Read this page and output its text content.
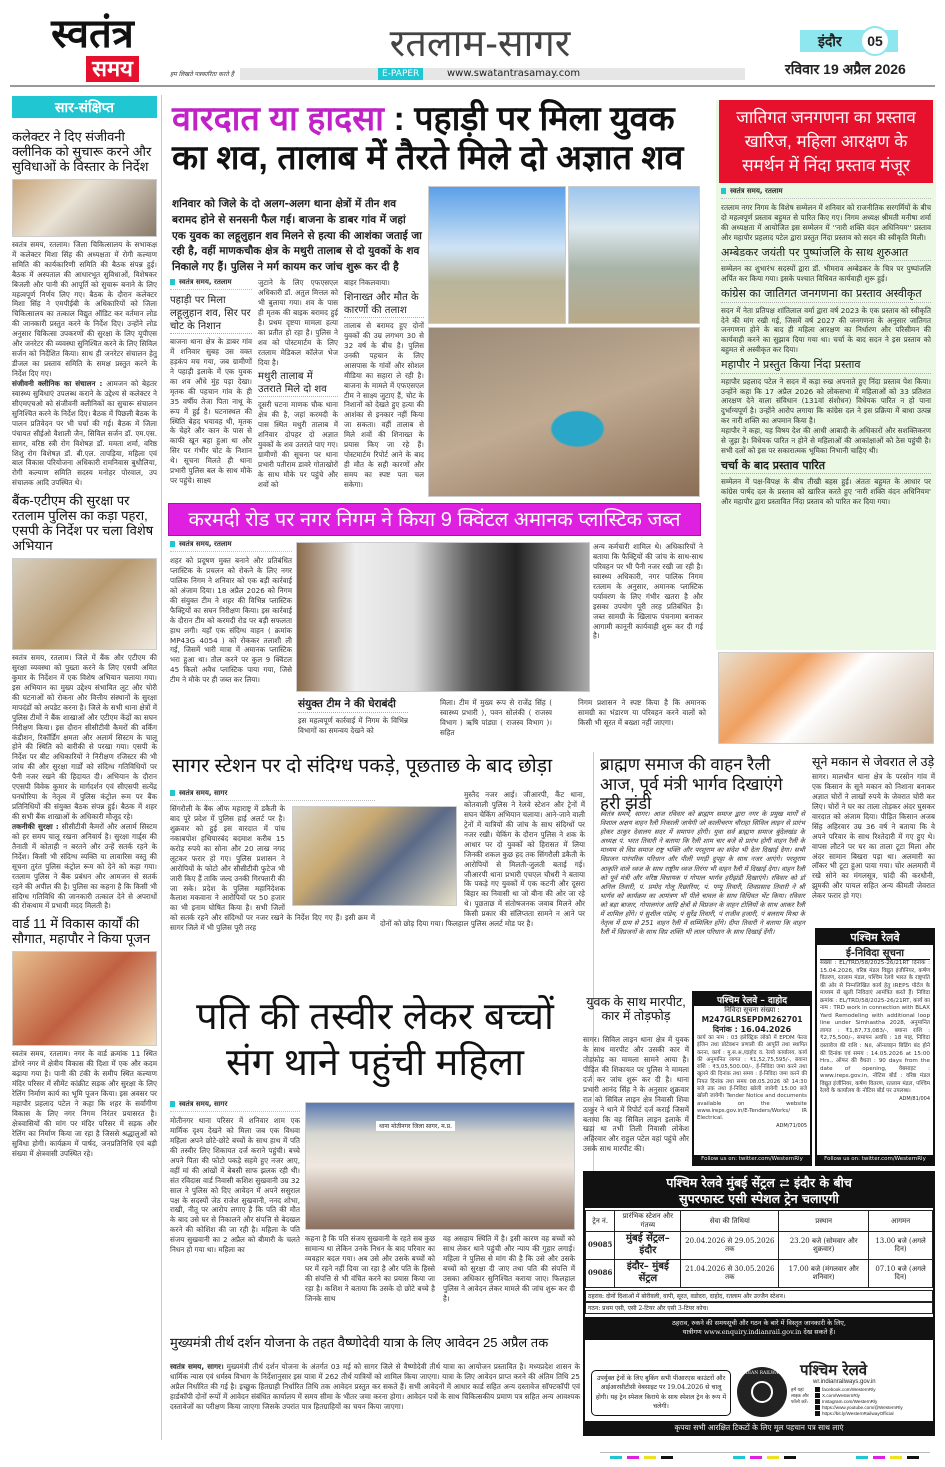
स्वतंत्र
समय	हम लिखते पत्रकारिता करते हैं
रतलाम-सागर
E-PAPER	www.swatantrasamay.com
इंदौर	05
रविवार 19 अप्रैल 2026
सार-संक्षिप्त
कलेक्टर ने दिए संजीवनी क्लीनिक को सुचारू करने और सुविधाओं के विस्तार के निर्देश
स्वतंत्र समय, रतलाम। जिला चिकित्सालय के सभाकक्ष में कलेक्टर मिशा सिंह की अध्यक्षता में रोगी कल्याण समिति की कार्यकारिणी समिति की बैठक संपन्न हुई। बैठक में अस्पताल की आधारभूत सुविधाओं, विशेषकर बिजली और पानी की आपूर्ति को सुचारू बनाने के लिए महत्वपूर्ण निर्णय लिए गए। बैठक के दौरान कलेक्टर मिशा सिंह ने एमपीईबी के अधिकारियों को जिला चिकित्सालय का तत्काल विद्युत ऑडिट कर वर्तमान लोड की जानकारी प्रस्तुत करने के निर्देश दिए। उन्होंने लोड अनुसार चिकित्सा उपकरणों की सुरक्षा के लिए यूपीएस और जनरेटर की व्यवस्था सुनिश्चित करने के लिए सिविल सर्जन को निर्देशित किया। साथ ही जनरेटर संचालन हेतु डीजल का प्रस्ताव समिति के समक्ष प्रस्तुत करने के निर्देश दिए गए।
संजीवनी क्लीनिक का संचालन : आमजन को बेहतर स्वास्थ्य सुविधाएं उपलब्ध कराने के उद्देश्य से कलेक्टर ने सीएमएचओ को संजीवनी क्लीनिकों का सुचारू संचालन सुनिश्चित करने के निर्देश दिए। बैठक में पिछली बैठक के पालन प्रतिवेदन पर भी चर्चा की गई। बैठक में जिला पंचायत सीईओ वैशाली जैन, सिविल सर्जन डॉ. एम.एस. सागर, वरिष्ठ स्त्री रोग विशेषज्ञ डॉ. ममता शर्मा, वरिष्ठ शिशु रोग विशेषज्ञ डॉ. बी.एल. तापड़िया, महिला एवं बाल विकास परियोजना अधिकारी रामनिवास बुधौलिया, रोगी कल्याण समिति सदस्य मनोहर पोरवाल, उप संचालक आदि उपस्थित थे।
बैंक-एटीएम की सुरक्षा पर रतलाम पुलिस का कड़ा पहरा, एसपी के निर्देश पर चला विशेष अभियान
स्वतंत्र समय, रतलाम। जिले में बैंक और एटीएम की सुरक्षा व्यवस्था को पुख्ता करने के लिए एसपी अमित कुमार के निर्देशन में एक विशेष अभियान चलाया गया। इस अभियान का मुख्य उद्देश्य संभावित लूट और चोरी की घटनाओं को रोकना और वित्तीय संस्थानों के सुरक्षा मापदंडों को अपडेट करना है। जिले के सभी थाना क्षेत्रों में पुलिस टीमों ने बैंक शाखाओं और एटीएम केंद्रों का सघन निरीक्षण किया। इस दौरान सीसीटीवी कैमरों की वर्किंग कंडीशन, रिकॉर्डिंग क्षमता और अलार्म सिस्टम के चालू होने की स्थिति को बारीकी से परखा गया। एसपी के निर्देश पर बीट अधिकारियों ने निरीक्षण रजिस्टर की भी जांच की और सुरक्षा गार्डों को संदिग्ध गतिविधियों पर पैनी नजर रखने की हिदायत दी। अभियान के दौरान एएसपी विवेक कुमार के मार्गदर्शन एवं सीएसपी सत्येंद्र घनघोरिया के नेतृत्व में पुलिस कंट्रोल रूम पर बैंक प्रतिनिधियों की संयुक्त बैठक संपन्न हुई। बैठक में शहर की सभी बैंक शाखाओं के अधिकारी मौजूद रहे।
तकनीकी सुरक्षा : सीसीटीवी कैमरों और अलार्म सिस्टम को हर समय चालू रखना अनिवार्य है। सुरक्षा गार्ड्स की तैनाती में कोताही न बरतने और उन्हें सतर्क रहने के निर्देश। किसी भी संदिग्ध व्यक्ति या लावारिस वस्तु की सूचना तुरंत पुलिस कंट्रोल रूम को देने को कहा गया। रतलाम पुलिस ने बैंक प्रबंधन और आमजन से सतर्क रहने की अपील की है। पुलिस का कहना है कि किसी भी संदिग्ध गतिविधि की जानकारी तत्काल देने से अपराधों की रोकथाम में प्रभावी मदद मिलती है।
वार्ड 11 में विकास कार्यों की सौगात, महापौर ने किया पूजन
स्वतंत्र समय, रतलाम। नगर के वार्ड क्रमांक 11 स्थित डोंगरे नगर में क्षेत्रीय विकास की दिशा में एक और कदम बढ़ाया गया है। पानी की टंकी के समीप स्थित कल्याण मंदिर परिसर में सीमेंट कांक्रीट सड़क और सुरक्षा के लिए रेलिंग निर्माण कार्य का भूमि पूजन किया। इस अवसर पर महापौर प्रहलाद पटेल ने कहा कि शहर के सर्वांगीण विकास के लिए नगर निगम निरंतर प्रयासरत है। क्षेत्रवासियों की मांग पर मंदिर परिसर में सड़क और रेलिंग का निर्माण किया जा रहा है जिससे श्रद्धालुओं को सुविधा होगी। कार्यक्रम में पार्षद, जनप्रतिनिधि एवं बड़ी संख्या में क्षेत्रवासी उपस्थित रहे।
वारदात या हादसा : पहाड़ी पर मिला युवक का शव, तालाब में तैरते मिले दो अज्ञात शव
शनिवार को जिले के दो अलग-अलग थाना क्षेत्रों में तीन शव बरामद होने से सनसनी फैल गई। बाजना के डाबर गांव में जहां एक युवक का लहूलुहान शव मिलने से हत्या की आशंका जताई जा रही है, वहीं माणकचौक क्षेत्र के मथुरी तालाब से दो युवकों के शव निकाले गए हैं। पुलिस ने मर्ग कायम कर जांच शुरू कर दी है
स्वतंत्र समय, रतलाम
पहाड़ी पर मिला लहूलुहान शव, सिर पर चोट के निशान
बाजना थाना क्षेत्र के डाबर गांव में शनिवार सुबह उस वक्त हड़कंप मच गया, जब ग्रामीणों ने पहाड़ी इलाके में एक युवक का शव औंधे मुंह पड़ा देखा। मृतक की पहचान गांव के ही 35 वर्षीय तेजा पिता नाथू के रूप में हुई है। घटनास्थल की स्थिति बेहद भयावह थी, मृतक के चेहरे और कान के पास से काफी खून बहा हुआ था और सिर पर गंभीर चोट के निशान थे। सूचना मिलते ही थाना प्रभारी पुलिस बल के साथ मौके पर पहुंचे। साक्ष्य
जुटाने के लिए एफएसएल अधिकारी डॉ. अतुल मित्तल को भी बुलाया गया। शव के पास ही मृतक की बाइक बरामद हुई है। प्रथम दृष्टया मामला हत्या का प्रतीत हो रहा है। पुलिस ने शव को पोस्टमार्टम के लिए रतलाम मेडिकल कॉलेज भेज दिया है।
मथुरी तालाब में उतराते मिले दो शव
दूसरी घटना माणक चौक थाना क्षेत्र की है, जहां करमदी के पास स्थित मथुरी तालाब में शनिवार दोपहर दो अज्ञात युवकों के शव उतराते पाए गए। ग्रामीणों की सूचना पर थाना प्रभारी पतीराम डावरे गोताखोरों के साथ मौके पर पहुंचे और शवों को
बाहर निकलवाया।
शिनाख्त और मौत के कारणों की तलाश
तालाब से बरामद हुए दोनों युवकों की उम्र लगभग 30 से 32 वर्ष के बीच है। पुलिस उनकी पहचान के लिए आसपास के गांवों और सोशल मीडिया का सहारा ले रही है। बाजना के मामले में एफएसएल टीम ने साक्ष्य जुटाए हैं, चोट के निशानों को देखते हुए हत्या की आशंका से इनकार नहीं किया जा सकता। वहीं तालाब से मिले शवों की शिनाख्त के प्रयास किए जा रहे हैं। पोस्टमार्टम रिपोर्ट आने के बाद ही मौत के सही कारणों और समय का स्पष्ट पता चल सकेगा।
जातिगत जनगणना का प्रस्ताव खारिज, महिला आरक्षण के समर्थन में निंदा प्रस्ताव मंजूर
स्वतंत्र समय, रतलाम
रतलाम नगर निगम के विशेष सम्मेलन में शनिवार को राजनीतिक सरगर्मियों के बीच दो महत्वपूर्ण प्रस्ताव बहुमत से पारित किए गए। निगम अध्यक्ष श्रीमती मनीषा शर्मा की अध्यक्षता में आयोजित इस सम्मेलन में ''नारी शक्ति वंदन अधिनियम'' प्रस्ताव और महापौर प्रहलाद पटेल द्वारा प्रस्तुत निंदा प्रस्ताव को सदन की स्वीकृति मिली।
अम्बेडकर जयंती पर पुष्पांजलि के साथ शुरुआत
सम्मेलन का शुभारंभ सदस्यों द्वारा डॉ. भीमराव अम्बेडकर के चित्र पर पुष्पांजलि अर्पित कर किया गया। इसके पश्चात विधिवत कार्यवाही शुरू हुई।
कांग्रेस का जातिगत जनगणना का प्रस्ताव अस्वीकृत
सदन में नेता प्रतिपक्ष शांतिलाल वर्मा द्वारा वर्ष 2023 के एक प्रस्ताव को स्वीकृति देने की मांग रखी गई, जिसमें वर्ष 2027 की जनगणना के अनुसार जातिगत जनगणना होने के बाद ही महिला आरक्षण का निर्धारण और परिसीमन की कार्यवाही करने का सुझाव दिया गया था। चर्चा के बाद सदन ने इस प्रस्ताव को बहुमत से अस्वीकृत कर दिया।
महापौर ने प्रस्तुत किया निंदा प्रस्ताव
महापौर प्रहलाद पटेल ने सदन में कड़ा रुख अपनाते हुए निंदा प्रस्ताव पेश किया। उन्होंने कहा कि 17 अप्रैल 2026 को लोकसभा में महिलाओं को 33 प्रतिशत आरक्षण देने वाला संविधान (131वां संशोधन) विधेयक पारित न हो पाना दुर्भाग्यपूर्ण है। उन्होंने आरोप लगाया कि कांग्रेस दल ने इस प्रक्रिया में बाधा उत्पन्न कर नारी शक्ति का अपमान किया है।
महापौर ने कहा, यह विषय देश की आधी आबादी के अधिकारों और सशक्तिकरण से जुड़ा है। विधेयक पारित न होने से महिलाओं की आकांक्षाओं को ठेस पहुंची है। सभी दलों को इस पर सकारात्मक भूमिका निभानी चाहिए थी।
चर्चा के बाद प्रस्ताव पारित
सम्मेलन में पक्ष-विपक्ष के बीच तीखी बहस हुई। अंततः बहुमत के आधार पर कांग्रेस पार्षद दल के प्रस्ताव को खारिज करते हुए 'नारी शक्ति वंदन अधिनियम' और महापौर द्वारा प्रस्तावित निंदा प्रस्ताव को पारित कर दिया गया।
करमदी रोड पर नगर निगम ने किया 9 क्विंटल अमानक प्लास्टिक जब्त
स्वतंत्र समय, रतलाम
शहर को प्रदूषण मुक्त बनाने और प्रतिबंधित प्लास्टिक के प्रचलन को रोकने के लिए नगर पालिक निगम ने शनिवार को एक बड़ी कार्रवाई को अंजाम दिया। 18 अप्रैल 2026 को निगम की संयुक्त टीम ने शहर की विभिन्न प्लास्टिक फैक्ट्रियों का सघन निरीक्षण किया। इस कार्रवाई के दौरान टीम को करमदी रोड पर बड़ी सफलता हाथ लगी। यहाँ एक संदिग्ध वाहन ( क्रमांक MP43G 4054 ) को रोककर तलाशी ली गई, जिसमें भारी मात्रा में अमानक प्लास्टिक भरा हुआ था। तौल करने पर कुल 9 क्विंटल 45 किलो अवैध प्लास्टिक पाया गया, जिसे टीम ने मौके पर ही जब्त कर लिया।
संयुक्त टीम ने की घेराबंदी
इस महत्वपूर्ण कार्रवाई में निगम के विभिन्न विभागों का समन्वय देखने को
मिला। टीम में मुख्य रूप से राजेंद्र सिंह ( स्वास्थ्य प्रभारी ), पवन सोलंकी ( राजस्व विभाग ) ऋषि पांड्या ( राजस्व विभाग )। सहित
अन्य कर्मचारी शामिल थे। अधिकारियों ने बताया कि फैक्ट्रियों की जांच के साथ-साथ परिवहन पर भी पैनी नजर रखी जा रही है। स्वास्थ्य अधिकारी, नगर पालिक निगम रतलाम के अनुसार, अमानक प्लास्टिक पर्यावरण के लिए गंभीर खतरा है और इसका उपयोग पूरी तरह प्रतिबंधित है। जब्त सामग्री के खिलाफ पंचनामा बनाकर आगामी कानूनी कार्यवाही शुरू कर दी गई है।
निगम प्रशासन ने स्पष्ट किया है कि अमानक सामग्री का भंडारण या परिवहन करने वालों को किसी भी सूरत में बख्शा नहीं जाएगा।
सागर स्टेशन पर दो संदिग्ध पकड़े, पूछताछ के बाद छोड़ा
स्वतंत्र समय, सागर
सिंगरौली के बैंक ऑफ महाराष्ट्र में डकैती के बाद पूरे प्रदेश में पुलिस हाई अलर्ट पर है। शुक्रवार को हुई इस वारदात में पांच नकाबपोश हथियारबंद बदमाश करीब 15 करोड़ रुपये का सोना और 20 लाख नगद लूटकर फरार हो गए। पुलिस प्रशासन ने आरोपियों के फोटो और सीसीटीवी फुटेज भी जारी किए हैं ताकि जल्द उनकी गिरफ्तारी की जा सके। प्रदेश के पुलिस महानिदेशक कैलाश मकवाना ने आरोपियों पर 50 हजार का भी इनाम घोषित किया है। सभी जिलों को सतर्क रहने और संदिग्धों पर नजर रखने के निर्देश दिए गए हैं। इसी क्रम में सागर जिले में भी पुलिस पूरी तरह
मुस्तैद नजर आई। जीआरपी, कैंट थाना, कोतवाली पुलिस ने रेलवे स्टेशन और ट्रेनों में सघन चेकिंग अभियान चलाया। आने-जाने वाली ट्रेनों में यात्रियों की जांच के साथ संदिग्धों पर नजर रखी। चेकिंग के दौरान पुलिस ने शक के आधार पर दो युवकों को हिरासत में लिया जिनकी शकल कुछ हद तक सिंगरौली डकैती के आरोपियों से मिलती-जुलती बताई गई। जीआरपी थाना प्रभारी एचएल चौधरी ने बताया कि पकड़े गए युवकों में एक कटनी और दूसरा बिहार का निवासी था जो बीना की ओर जा रहे थे। पूछताछ में संतोषजनक जवाब मिलने और किसी प्रकार की संलिप्तता सामने न आने पर दोनों को छोड़ दिया गया। फिलहाल पुलिस अलर्ट मोड पर है।
ब्राह्मण समाज की वाहन रैली आज, पूर्व मंत्री भार्गव दिखाएंगे हरी झंडी
स्वतंत्र समय, सागर। आज रविवार को ब्राह्मण समाज द्वारा नगर के प्रमुख मार्गों से विशाल अक्षय वाहन रैली निकाली जायेगी जो कालीचरण चौराहा सिविल लाइन से प्रारंभ होकर ठाकुर देवालय सदर में समापन होगी। युवा सर्व ब्राह्मण समाज बुंदेलखंड के अध्यक्ष पं. भरत तिवारी ने बताया कि रैली शाम चार बजे से प्रारंभ होगी वाहन रैली के माध्यम से विप्र समाज राष्ट्र भक्ति और परशुराम का संदेश भी देता दिखाई देगा। सभी विप्रजन पारंपरिक परिधान और पीली पगड़ी दुपट्टा के साथ नजर आएंगे। परशुराम आकृति वाले ध्वज के साथ राष्ट्रीय ध्वज तिरंगा भी वाहन रैली में दिखाई देगा। वाहन रैली को पूर्व मंत्री और वरिष्ठ विधायक पं गोपाल भार्गव हरीझंडी दिखाएंगे। रविवार को डॉ अनिल तिवारी, पं. प्रमोद गोलू रिछारिया, पं. पप्पू तिवारी, शिवप्रसाद तिवारी ने श्री भार्गव को कार्यक्रम का आमंत्रण भी पीले चावल के साथ विधिवत भेंट किया। रविवार को बड़ा बाजार, गोपालगंज आदि क्षेत्रों से विप्रजन के वाहन टोलियों के साथ आकर रैली में शामिल होंगे। पं सुशील पांडेय, पं सुरेंद्र तिवारी, पं राजीव हजारी, पं बलराम मिश्रा के नेतृत्व में ग्राम से 251 वाहन रैली में सम्मिलित होंगे। दीपा तिवारी ने बताया कि वाहन रैली में विप्रजनों के साथ विप्र शक्ति भी लाल परिधान के साथ दिखाई देंगी।
सूने मकान से जेवरात ले उड़े
सागर। मालथौन थाना क्षेत्र के परसोन गांव में एक किसान के सूने मकान को निशाना बनाकर अज्ञात चोरों ने लाखों रुपये के जेवरात चोरी कर लिए। चोरों ने घर का ताला तोड़कर अंदर घुसकर वारदात को अंजाम दिया। पीड़ित किसान अजब सिंह अहिरवार उम्र 36 वर्ष ने बताया कि वे अपने परिवार के साथ रिश्तेदारी में गए हुए थे। वापस लौटने पर घर का ताला टूटा मिला और अंदर सामान बिखरा पड़ा था। अलमारी का लॉकर भी टूटा हुआ पाया गया। चोर अलमारी में रखे सोने का मंगलसूत्र, चांदी की करधौनी, झुमकी और पायल सहित अन्य कीमती जेवरात लेकर फरार हो गए।
पश्चिम रेलवे
ई-निविदा सूचना
संख्या : EL/TRD/58/2025-26/21RT दिनांक : 15.04.2026, वरिष्ठ मंडल विद्युत इंजीनियर, कर्षण वितरण, रतलाम मंडल, पश्चिम रेलवे भारत के राष्ट्रपति की ओर से निम्नलिखित कार्य हेतु IREPS पोर्टल के माध्यम से खुली निविदाएं आमंत्रित करते हैं। निविदा क्रमांक : EL/TRD/58/2025-26/21RT, कार्य का नाम : TRD work in connection with BLAX Yard Remodeling with additional loop line under Simhastha 2028, अनुमानित लागत : ₹1,87,73,083/-, बयाना राशि : ₹2,75,500/-, समापन अवधि : 18 माह, निविदा दस्तावेज की राशि : Nil, ऑनलाइन बिडिंग बंद होने की दिनांक एवं समय : 14.05.2026 at 15:00 Hrs., ऑफर की वैधता : 90 days from the date of opening, वेबसाइट : www.ireps.gov.in, नोटिस बोर्ड : वरिष्ठ मंडल विद्युत इंजीनियर, कर्षण वितरण, रतलाम मंडल, पश्चिम रेलवे के कार्यालय के नोटिस बोर्ड पर उपलब्ध।
ADM/81/004
Follow us on: twitter.com/WesternRly
पति की तस्वीर लेकर बच्चों संग थाने पहुंची महिला
स्वतंत्र समय, सागर
मोतीनगर थाना परिसर में शनिवार शाम एक मार्मिक दृश्य देखने को मिला जब एक विधवा महिला अपने छोटे-छोटे बच्चों के साथ हाथ में पति की तस्वीर लिए शिकायत दर्ज कराने पहुंची। बच्चे अपने पिता की फोटो पकड़े सहमे हुए नजर आए, वहीं मां की आंखों में बेबसी साफ झलक रही थी। संत रविदास वार्ड निवासी कशिश सुखवानी उम्र 32 साल ने पुलिस को दिए आवेदन में अपने ससुराल पक्ष के सदस्यों जेठ राजेश सुखवानी, ननद शोभा, राखी, नीतू पर आरोप लगाए है कि पति की मौत के बाद उसे घर से निकालने और संपत्ति से बेदखल करने की कोशिश की जा रही है। महिला के पति संजय सुखवानी का 2 अप्रैल को बीमारी के चलते निधन हो गया था। महिला का
थाना मोतीनगर जिला सागर, म.प्र.
कहना है कि पति संजय सुखवानी के रहते सब कुछ सामान्य था लेकिन उनके निधन के बाद परिवार का व्यवहार बदल गया। अब उसे और उसके बच्चों को घर में रहने नहीं दिया जा रहा है और पति के हिस्से की संपत्ति से भी वंचित करने का प्रयास किया जा रहा है। कशिश ने बताया कि उसके दो छोटे बच्चे है जिनके साथ
वह असहाय स्थिति में है। इसी कारण वह बच्चों को साथ लेकर थाने पहुंची और न्याय की गुहार लगाई। महिला ने पुलिस से मांग की है कि उसे और उसके बच्चों को सुरक्षा दी जाए तथा पति की संपत्ति में उसका अधिकार सुनिश्चित कराया जाए। फिलहाल पुलिस ने आवेदन लेकर मामले की जांच शुरू कर दी है।
युवक के साथ मारपीट, कार में तोड़फोड़
सागर। सिविल लाइन थाना क्षेत्र में युवक के साथ मारपीट और उसकी कार में तोड़फोड़ का मामला सामने आया है। पीड़ित की शिकायत पर पुलिस ने मामला दर्ज कर जांच शुरू कर दी है। थाना प्रभारी आनंद सिंह ने के अनुसार शुक्रवार रात को सिविल लाइन क्षेत्र निवासी शिवा ठाकुर ने थाने में रिपोर्ट दर्ज कराई जिसमें बताया कि वह सिविल लाइन इलाके में खड़ा था तभी तिली निवासी लोकेश अहिरवार और राहुल पटेल वहां पहुंचे और उसके साथ मारपीट की।
पश्चिम रेलवे – दाहोद
निविदा सूचना संख्या :
M247GLRSEPDM262701
दिनांक : 16.04.2026
कार्य का नाम : 03 इलेक्ट्रिक लोको में EPDM फेल्ड इंजिन तथा प्रोटेक्शन प्रणाली की आपूर्ति तथा स्थापित करना, कार्य : मु.स.अ./दाहोद व. रेलवे कार्यालय, कार्य की अनुमानित लागत : ₹1,52,75,595/-, बयाना राशि : ₹3,05,500.00/-, ई-निविदा जमा करने तथा खुलने की दिनांक तथा समय : ई-निविदा जमा करने की नियत दिनांक तथा समय 08.05.2026 को 14:30 बजे तक तथा ई-निविदा खोली जायेगी 15:00 बजे खोली जायेगी। Tender Notice and documents available on the website www.ireps.gov.in/E-Tenders/Works/ IR Electrical.
ADM/71/005
Follow us on: twitter.com/WesternRly
पश्चिम रेलवे मुंबई सेंट्रल ⇄ इंदौर के बीच
सुपरफास्ट एसी स्पेशल ट्रेन चलाएगी
ट्रेन नं.	प्रारंभिक स्टेशन और गंतव्य	सेवा की तिथियां	प्रस्थान	आगमन
09085	मुंबई सेंट्रल– इंदौर	20.04.2026 से 29.05.2026 तक	23.20 बजे (सोमवार और शुक्रवार)	13.00 बजे (अगले दिन)
09086	इंदौर– मुंबई सेंट्रल	21.04.2026 से 30.05.2026 तक	17.00 बजे (मंगलवार और शनिवार)	07.10 बजे (अगले दिन)
ठहराव: दोनों दिशाओं में बोरीवली, वापी, सूरत, वडोदरा, दाहोद, रतलाम और उज्जैन स्टेशन।
गठन: प्रथम एसी, एसी 2-टियर और एसी 3-टियर कोच।
ठहराव, रुकने की समयसूची और गठन के बारे में विस्तृत जानकारी के लिए,
यात्रीगण www.enquiry.indianrail.gov.in देख सकते हैं।
उपर्युक्त ट्रेनों के लिए बुकिंग सभी पीआरएस काउंटरों और आईआरसीटीसी वेबसाइट पर 19.04.2026 से चालू होगी। यह ट्रेन स्पेशल किराये के साथ स्पेशल ट्रेन के रूप में चलेगी।
INDIAN RAILWAYS पश्चिम रेलवे
wr.indianrailways.gov.in
हमें यहां लाइक और फॉलो करें:
facebook.com/WesternRly
X.com/WesternRly
Instagram.com/WesternRly
https://www.youtube.com/@WesternRly
https://bit.ly/WesternRailwayOfficial
कृपया सभी आरक्षित टिकटों के लिए मूल पहचान पत्र साथ लाएं
मुख्यमंत्री तीर्थ दर्शन योजना के तहत वैष्णोदेवी यात्रा के लिए आवेदन 25 अप्रैल तक
स्वतंत्र समय, सागर। मुख्यमंत्री तीर्थ दर्शन योजना के अंतर्गत 03 मई को सागर जिले से वैष्णोदेवी तीर्थ यात्रा का आयोजन प्रस्तावित है। मध्यप्रदेश शासन के धार्मिक न्यास एवं धर्मस्व विभाग के निर्देशानुसार इस यात्रा में 262 तीर्थ यात्रियों को शामिल किया जाएगा। यात्रा के लिए आवेदन प्राप्त करने की अंतिम तिथि 25 अप्रैल निर्धारित की गई है। इच्छुक हितग्राही निर्धारित तिथि तक आवेदन प्रस्तुत कर सकते हैं। सभी आवेदनों में आधार कार्ड सहित अन्य दस्तावेज सॉफ्टकॉपी एवं हार्डकॉपी दोनों रूपों में आवेदन संबंधित कार्यालय में समय सीमा के भीतर जमा करना होगा। आवेदन पत्रों के साथ चिकित्सकीय प्रमाण पत्र सहित अन्य आवश्यक दस्तावेजों का परीक्षण किया जाएगा जिसके उपरांत पात्र हितग्राहियों का चयन किया जाएगा।
